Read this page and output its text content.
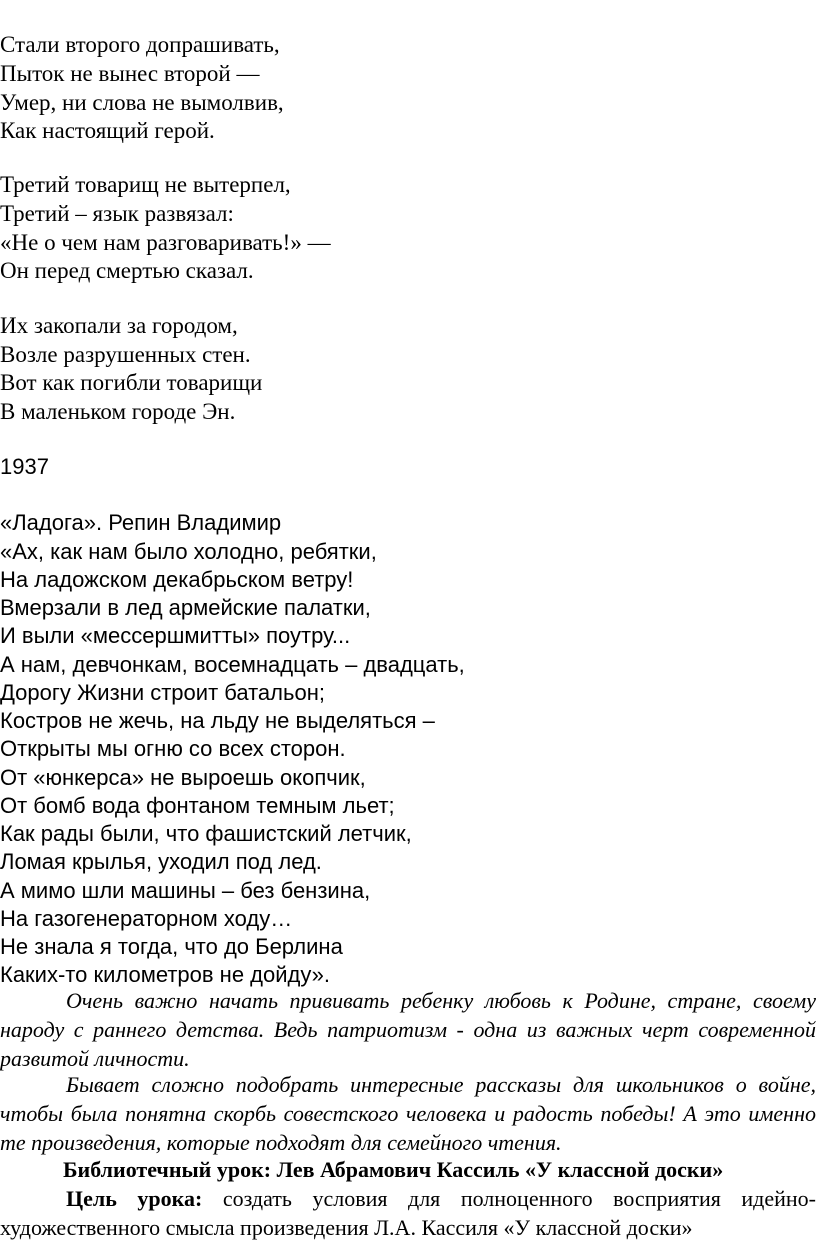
Стали второго допрашивать,

Пыток не вынес второй —

Умер, ни слова не вымолвив,

Как настоящий герой.

Третий товарищ не вытерпел,

Третий – язык развязал:

«Не о чем нам разговаривать!» —

Он перед смертью сказал.

Их закопали за городом,

Возле разрушенных стен.

Вот как погибли товарищи

В маленьком городе Эн.

1937

«Ладога». Репин Владимир

«Ах, как нам было холодно, ребятки,

На ладожском декабрьском ветру!

Вмерзали в лед армейские палатки,

И выли «мессершмитты» поутру...

А нам, девчонкам, восемнадцать – двадцать,

Дорогу Жизни строит батальон;

Костров не жечь, на льду не выделяться –

Открыты мы огню со всех сторон.

От «юнкерса» не выроешь окопчик,

От бомб вода фонтаном темным льет;

Как рады были, что фашистский летчик,

Ломая крылья, уходил под лед.

А мимо шли машины – без бензина,

На газогенераторном ходу…

Не знала я тогда, что до Берлина

Каких-то километров не дойду».

Очень важно начать прививать ребенку любовь к Родине, стране, своему народу с раннего детства. Ведь патриотизм - одна из важных черт современной развитой личности.

Бывает сложно подобрать интересные рассказы для школьников о войне, чтобы была понятна скорбь совестского человека и радость победы! А это именно те произведения, которые подходят для семейного чтения.

Библиотечный урок: Лев Абрамович Кассиль «У классной доски»

Цель урока: создать условия для полноценного восприятия идейно-художественного смысла произведения Л.А. Кассиля «У классной доски»
